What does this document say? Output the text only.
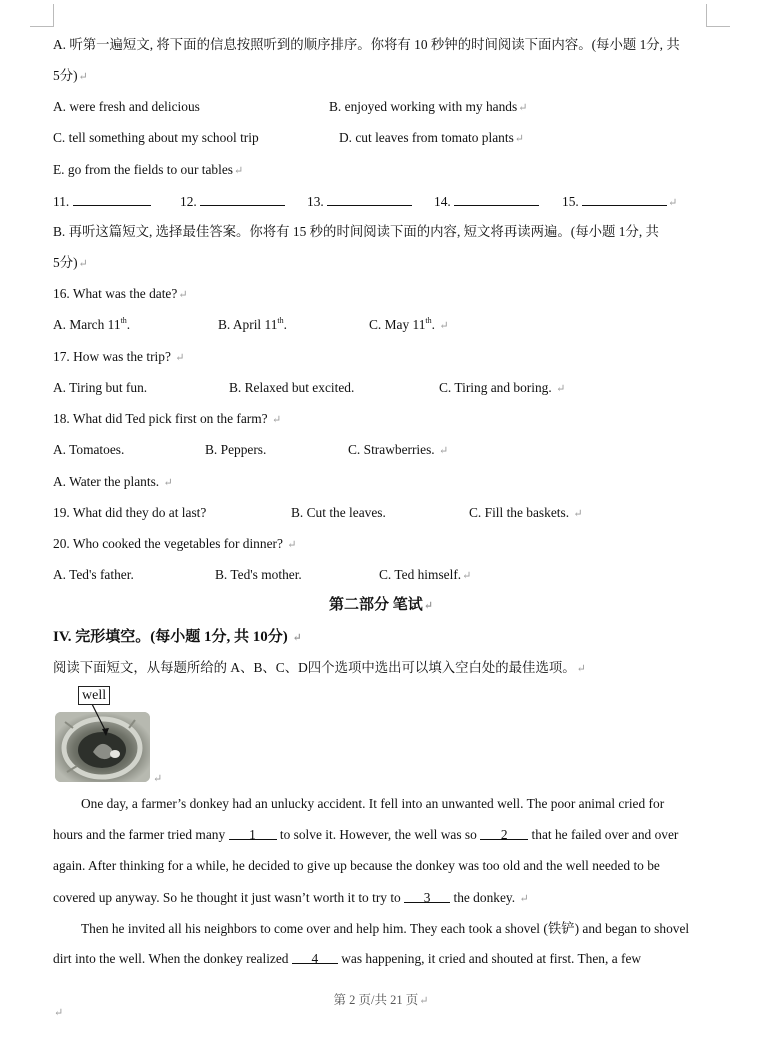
A. 听第一遍短文, 将下面的信息按照听到的顺序排序。你将有 10 秒钟的时间阅读下面内容。(每小题 1分, 共
5分)↵
A. were fresh and delicious	B. enjoyed working with my hands↵
C. tell something about my school trip	D. cut leaves from tomato plants↵
E. go from the fields to our tables↵
11.	12.	13.	14.	15.	↵
B. 再听这篇短文, 选择最佳答案。你将有 15 秒的时间阅读下面的内容, 短文将再读两遍。(每小题 1分, 共
5分)↵
16. What was the date?↵
A. March 11th.	B. April 11th.	C. May 11th. ↵
17. How was the trip? ↵
A. Tiring but fun.	B. Relaxed but excited.	C. Tiring and boring. ↵
18. What did Ted pick first on the farm? ↵
A. Tomatoes.	B. Peppers.	C. Strawberries. ↵
A. Water the plants. ↵
19. What did they do at last?	B. Cut the leaves.	C. Fill the baskets. ↵
20. Who cooked the vegetables for dinner? ↵
A. Ted's father.	B. Ted's mother.	C. Ted himself.↵
第二部分 笔试↵
IV. 完形填空。(每小题 1分, 共 10分) ↵
阅读下面短文，从每题所给的 A、B、C、D四个选项中选出可以填入空白处的最佳选项。↵
well
↵
One day, a farmer’s donkey had an unlucky accident. It fell into an unwanted well. The poor animal cried for
hours and the farmer tried many 1 to solve it. However, the well was so 2 that he failed over and over
again. After thinking for a while, he decided to give up because the donkey was too old and the well needed to be
covered up anyway. So he thought it just wasn’t worth it to try to 3 the donkey. ↵
Then he invited all his neighbors to come over and help him. They each took a shovel (铁铲) and began to shovel
dirt into the well. When the donkey realized 4 was happening, it cried and shouted at first. Then, a few
第 2 页/共 21 页↵
↵
